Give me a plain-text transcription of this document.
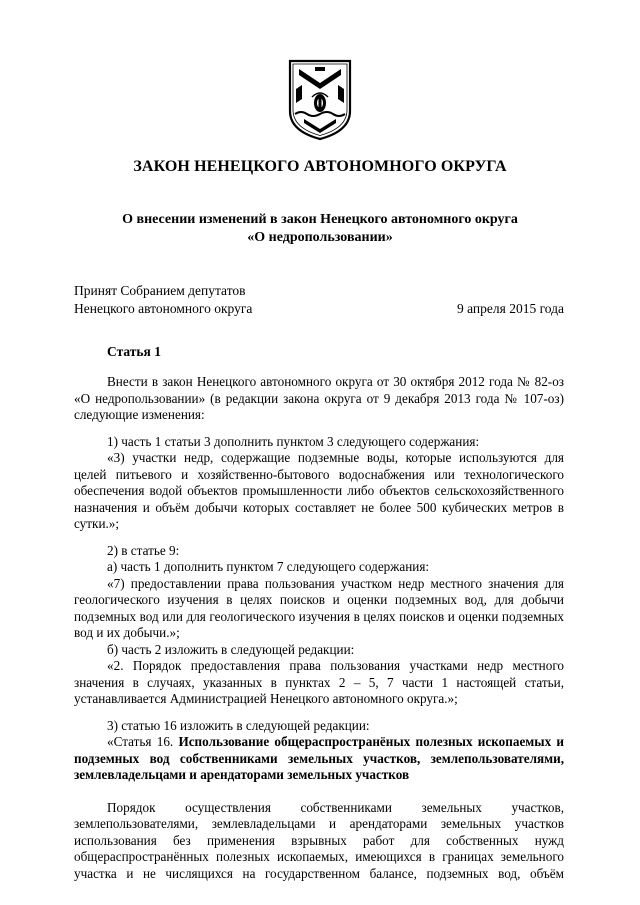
ЗАКОН НЕНЕЦКОГО АВТОНОМНОГО ОКРУГА
О внесении изменений в закон Ненецкого автономного округа
«О недропользовании»
Принят Собранием депутатов
Ненецкого автономного округа	9 апреля 2015 года
Статья 1

Внести в закон Ненецкого автономного округа от 30 октября 2012 года № 82-оз «О недропользовании» (в редакции закона округа от 9 декабря 2013 года № 107-оз) следующие изменения:

1) часть 1 статьи 3 дополнить пунктом 3 следующего содержания:

«3) участки недр, содержащие подземные воды, которые используются для целей питьевого и хозяйственно-бытового водоснабжения или технологического обеспечения водой объектов промышленности либо объектов сельскохозяйственного назначения и объём добычи которых составляет не более 500 кубических метров в сутки.»;

2) в статье 9:

а) часть 1 дополнить пунктом 7 следующего содержания:

«7) предоставлении права пользования участком недр местного значения для геологического изучения в целях поисков и оценки подземных вод, для добычи подземных вод или для геологического изучения в целях поисков и оценки подземных вод и их добычи.»;

б) часть 2 изложить в следующей редакции:

«2. Порядок предоставления права пользования участками недр местного значения в случаях, указанных в пунктах 2 – 5, 7 части 1 настоящей статьи, устанавливается Администрацией Ненецкого автономного округа.»;

3) статью 16 изложить в следующей редакции:

«Статья 16. Использование общераспространёных полезных ископаемых и подземных вод собственниками земельных участков, землепользователями, землевладельцами и арендаторами земельных участков

Порядок осуществления собственниками земельных участков, землепользователями, землевладельцами и арендаторами земельных участков использования без применения взрывных работ для собственных нужд общераспространённых полезных ископаемых, имеющихся в границах земельного участка и не числящихся на государственном балансе, подземных вод, объём
